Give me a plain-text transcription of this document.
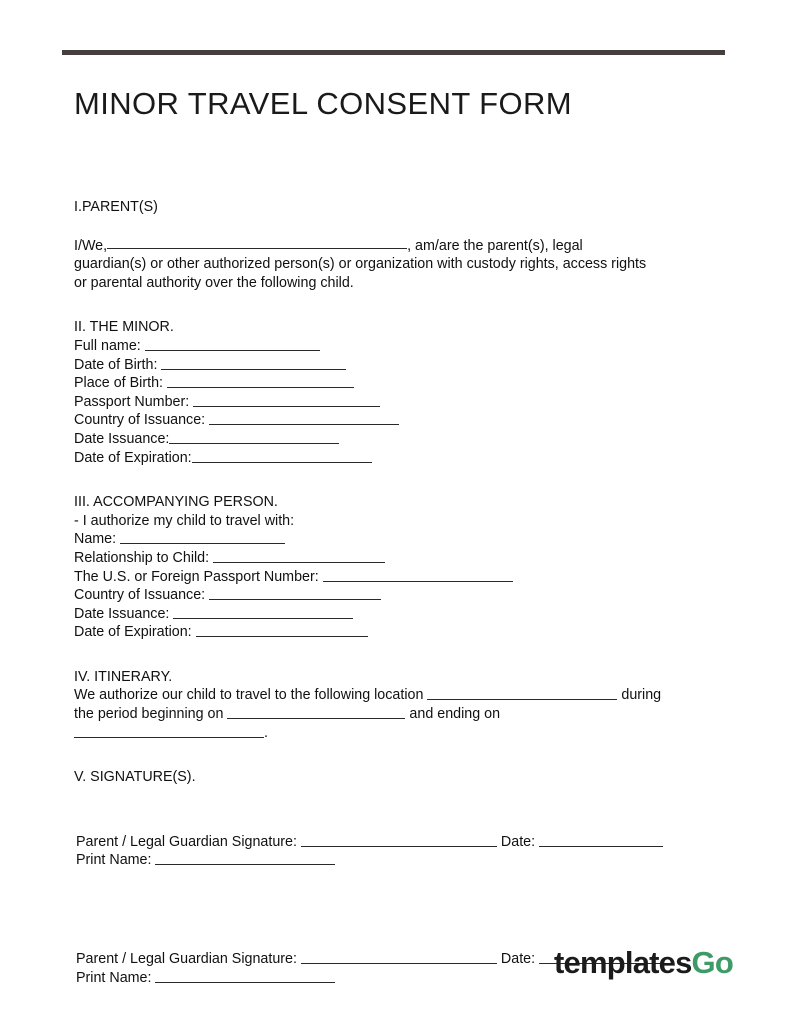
MINOR TRAVEL CONSENT FORM
I.PARENT(S)
I/We,	, am/are the parent(s), legal
guardian(s) or other authorized person(s) or organization with custody rights, access rights
or parental authority over the following child.
II. THE MINOR.
Full name:
Date of Birth:
Place of Birth:
Passport Number:
Country of Issuance:
Date Issuance:
Date of Expiration:
III. ACCOMPANYING PERSON.
- I authorize my child to travel with:
Name:
Relationship to Child:
The U.S. or Foreign Passport Number:
Country of Issuance:
Date Issuance:
Date of Expiration:
IV. ITINERARY.
We authorize our child to travel to the following location	during
the period beginning on	and ending on
.
V. SIGNATURE(S).
Parent / Legal Guardian Signature:	Date:
Print Name:
Parent / Legal Guardian Signature:	Date:
Print Name:	templatesGo
